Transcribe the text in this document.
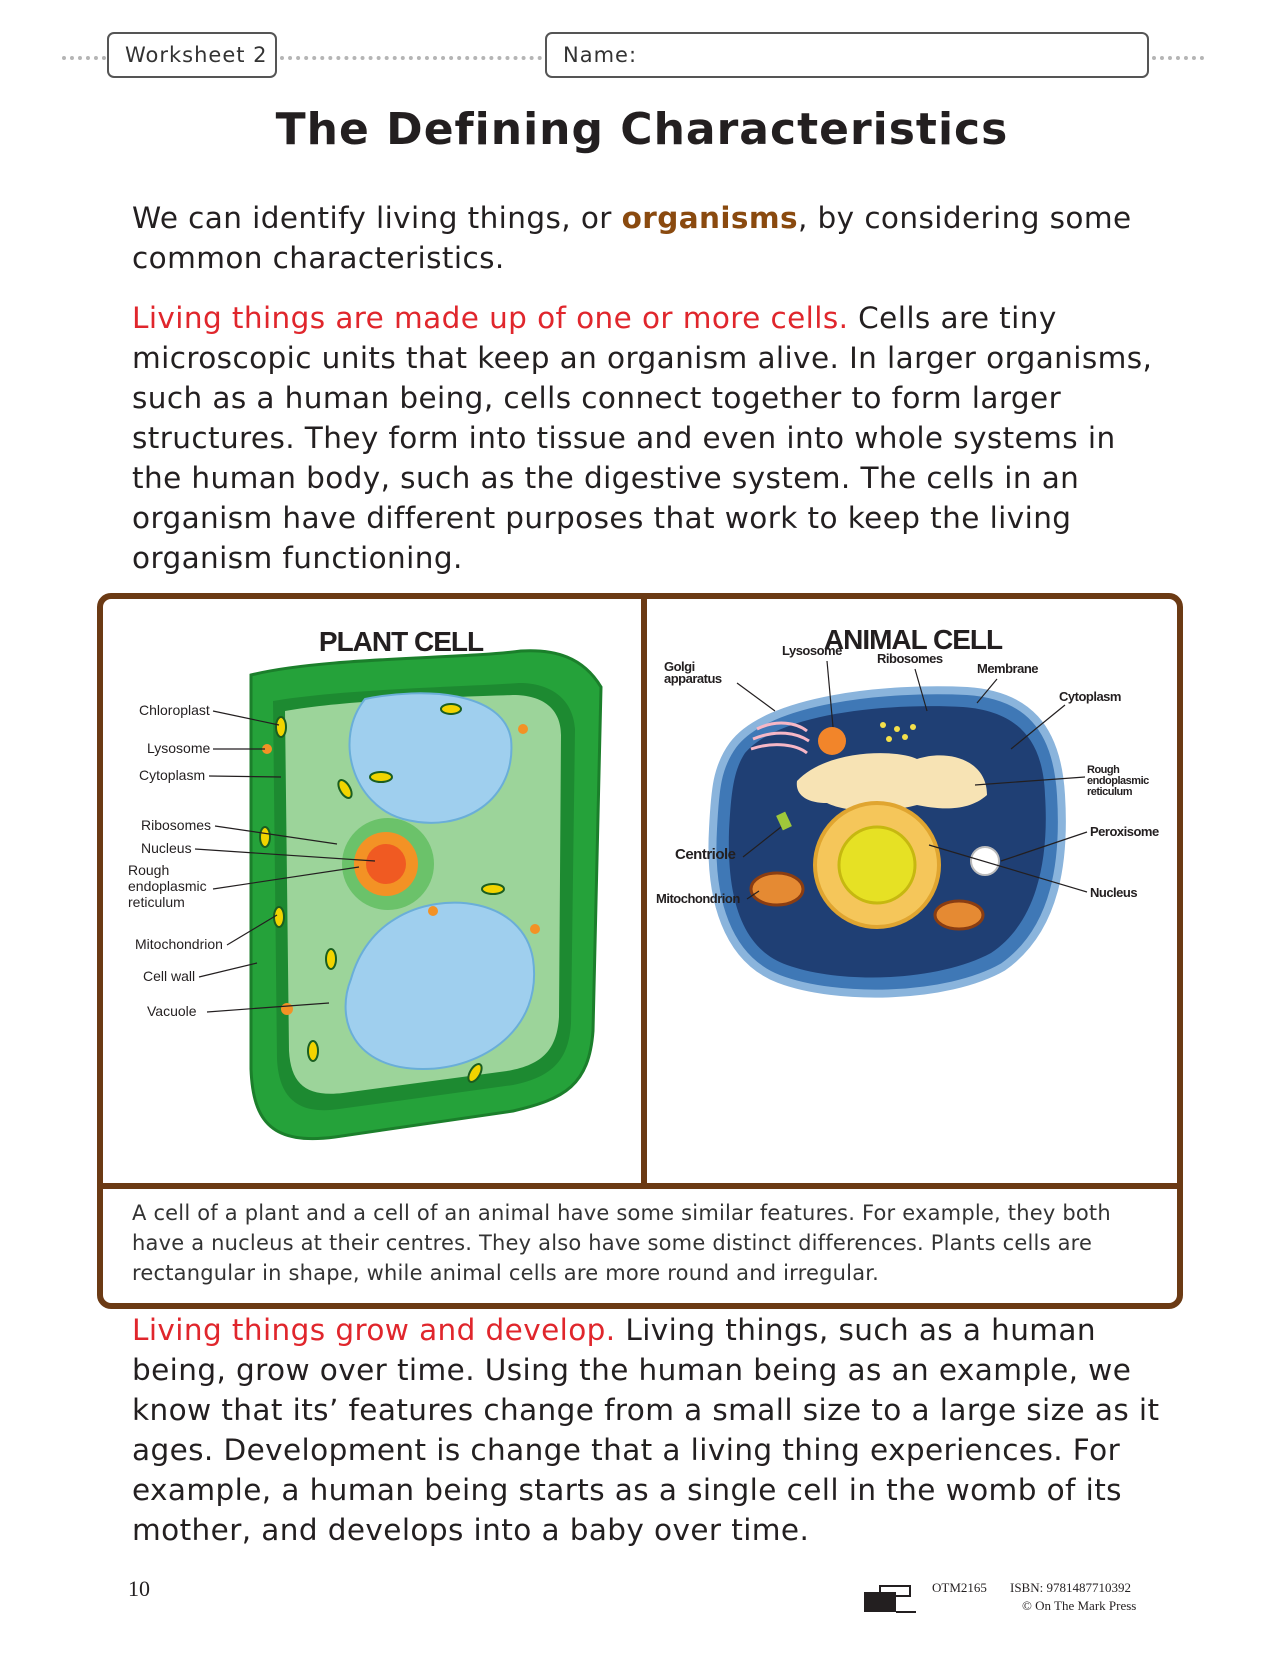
Worksheet 2	Name:
The Defining Characteristics

We can identify living things, or organisms, by considering some common characteristics.

Living things are made up of one or more cells. Cells are tiny microscopic units that keep an organism alive. In larger organisms, such as a human being, cells connect together to form larger structures. They form into tissue and even into whole systems in the human body, such as the digestive system. The cells in an organism have different purposes that work to keep the living organism functioning.

PLANT CELL
Chloroplast
Lysosome
Cytoplasm
Ribosomes
Nucleus
Rough
endoplasmic
reticulum
Mitochondrion
Cell wall
Vacuole
ANIMAL CELL
Golgi
apparatus
Lysosome
Ribosomes
Membrane
Cytoplasm
Rough
endoplasmic
reticulum
Peroxisome
Centriole
Mitochondrion	Nucleus

A cell of a plant and a cell of an animal have some similar features. For example, they both have a nucleus at their centres. They also have some distinct differences. Plants cells are rectangular in shape, while animal cells are more round and irregular.

Living things grow and develop. Living things, such as a human being, grow over time. Using the human being as an example, we know that its’ features change from a small size to a large size as it ages. Development is change that a living thing experiences. For example, a human being starts as a single cell in the womb of its mother, and develops into a baby over time.

10	OTM2165 ISBN: 9781487710392
© On The Mark Press
